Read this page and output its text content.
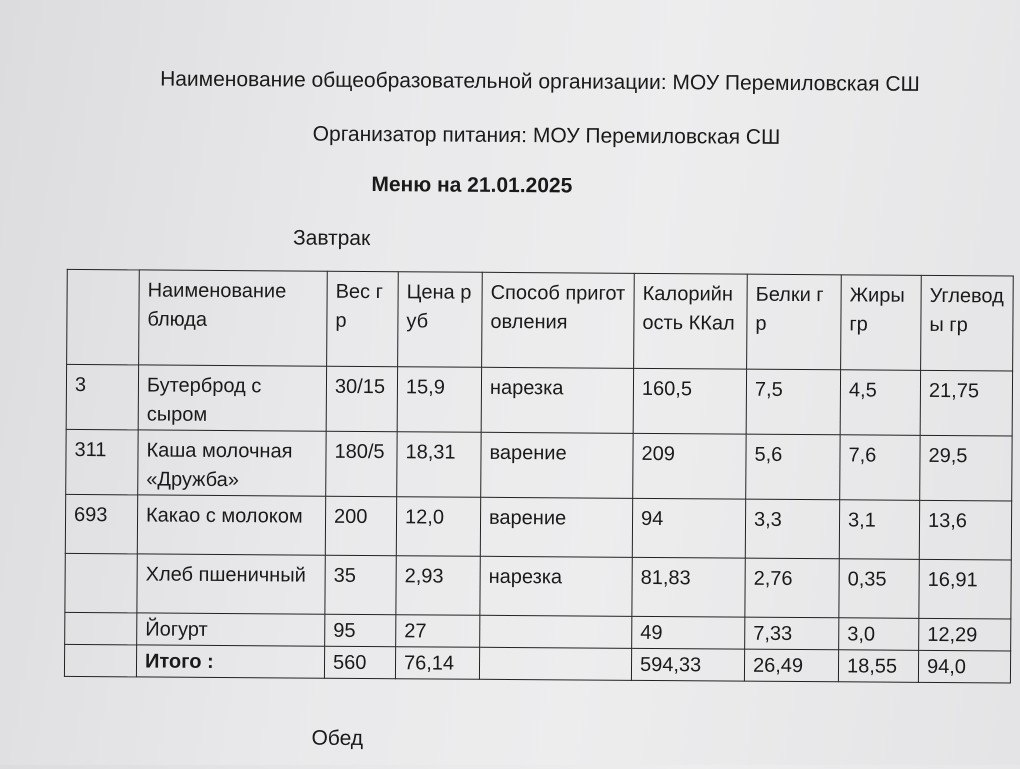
Наименование общеобразовательной организации: МОУ Перемиловская СШ
Организатор питания: МОУ Перемиловская СШ
Меню на 21.01.2025
Завтрак
	Наименование блюда	Вес гр	Цена руб	Способ приготовления	Калорийность ККал	Белки гр	Жиры гр	Углеводы гр
3	Бутерброд с сыром	30/15	15,9	нарезка	160,5	7,5	4,5	21,75
311	Каша молочная «Дружба»	180/5	18,31	варение	209	5,6	7,6	29,5
693	Какао с молоком	200	12,0	варение	94	3,3	3,1	13,6
	Хлеб пшеничный	35	2,93	нарезка	81,83	2,76	0,35	16,91
	Йогурт	95	27		49	7,33	3,0	12,29
	Итого :	560	76,14		594,33	26,49	18,55	94,0
Обед
